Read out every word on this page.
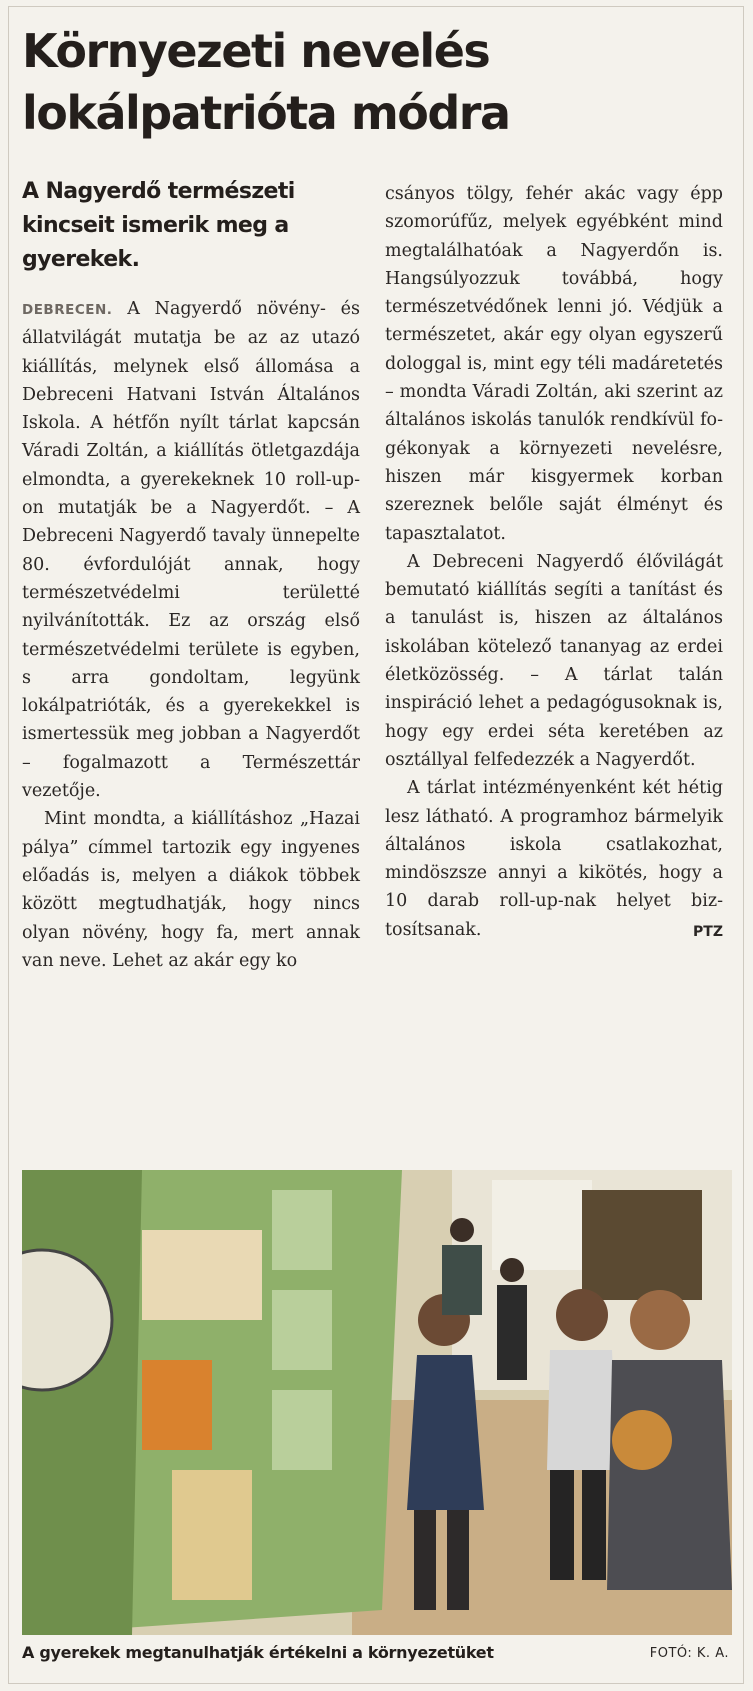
Környezeti nevelés
lokálpatrióta módra
A Nagyerdő természeti kincseit ismerik meg a gyerekek.

DEBRECEN. A Nagyerdő növény- és állatvilágát mutatja be az az utazó kiállítás, melynek első állomása a Debreceni Hatvani István Általános Iskola. A hétfőn nyílt tárlat kapcsán Váradi Zoltán, a kiállítás ötletgazdája elmondta, a gyerekeknek 10 roll-up-on mutatják be a Nagyerdőt. – A Debreceni Nagyerdő tavaly ünnepelte 80. évfordulóját annak, hogy természetvédelmi területté nyilvánították. Ez az ország első természetvédelmi területe is egyben, s arra gondoltam, legyünk lokálpatrióták, és a gyerekekkel is ismertessük meg jobban a Nagyerdőt – fogalmazott a Természettár vezetője.

Mint mondta, a kiállításhoz „Hazai pálya” címmel tartozik egy ingyenes előadás is, melyen a diákok többek között megtudhatják, hogy nincs olyan növény, hogy fa, mert annak van neve. Lehet az akár egy ko

csányos tölgy, fehér akác vagy épp szomorúfűz, melyek egyébként mind megtalálhatóak a Nagyerdőn is. Hangsúlyozzuk továbbá, hogy természetvédőnek lenni jó. Védjük a természetet, akár egy olyan egyszerű dologgal is, mint egy téli madáretetés – mondta Váradi Zoltán, aki szerint az általános iskolás tanulók rendkívül fogékonyak a környezeti nevelésre, hiszen már kisgyermek korban szereznek belőle saját élményt és tapasztalatot.

A Debreceni Nagyerdő élővilágát bemutató kiállítás segíti a tanítást és a tanulást is, hiszen az általános iskolában kötelező tananyag az erdei életközösség. – A tárlat talán inspiráció lehet a pedagógusoknak is, hogy egy erdei séta keretében az osztállyal felfedezzék a Nagyerdőt.

A tárlat intézményenként két hétig lesz látható. A programhoz bármelyik általános iskola csatlakozhat, mindöszsze annyi a kikötés, hogy a 10 darab roll-up-nak helyet biztosítsanak.	PTZ

A gyerekek megtanulhatják értékelni a környezetüket	FOTÓ: K. A.
